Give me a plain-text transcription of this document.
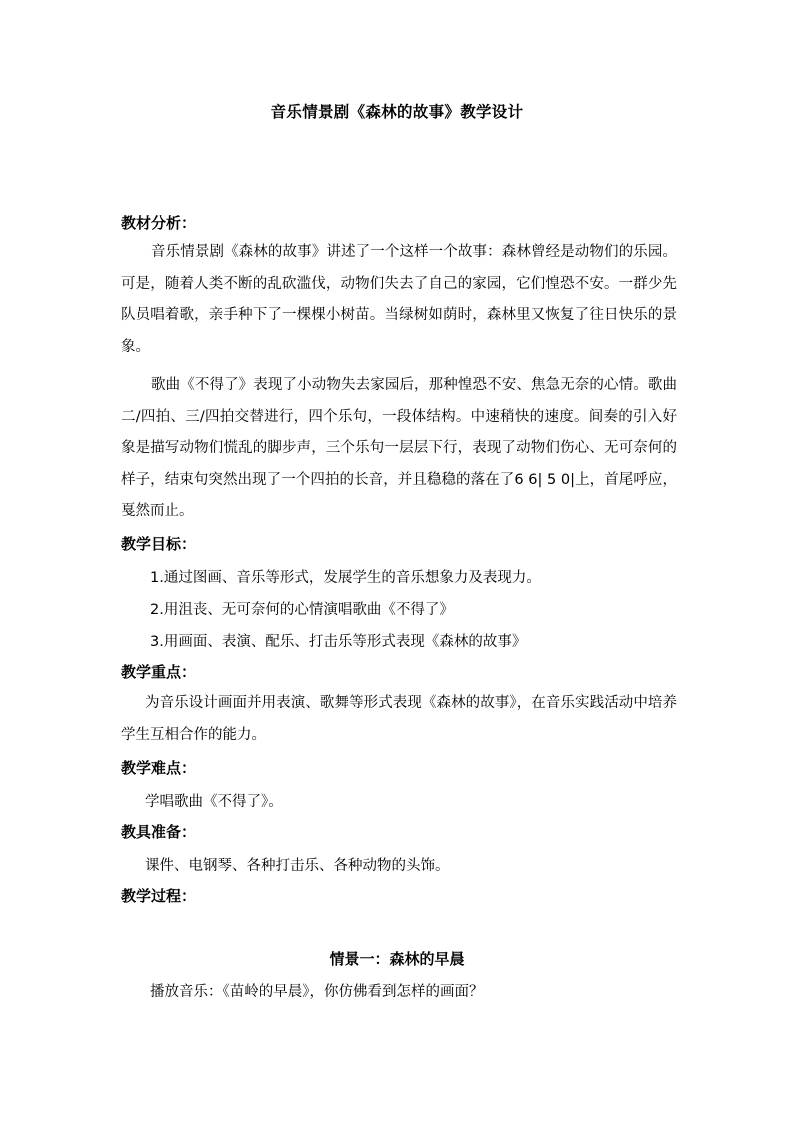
音乐情景剧《森林的故事》教学设计
教材分析：
音乐情景剧《森林的故事》讲述了一个这样一个故事：森林曾经是动物们的乐园。可是，随着人类不断的乱砍滥伐，动物们失去了自己的家园，它们惶恐不安。一群少先队员唱着歌，亲手种下了一棵棵小树苗。当绿树如荫时，森林里又恢复了往日快乐的景象。
歌曲《不得了》表现了小动物失去家园后，那种惶恐不安、焦急无奈的心情。歌曲二/四拍、三/四拍交替进行，四个乐句，一段体结构。中速稍快的速度。间奏的引入好象是描写动物们慌乱的脚步声，三个乐句一层层下行，表现了动物们伤心、无可奈何的样子，结束句突然出现了一个四拍的长音，并且稳稳的落在了6 6| 5 0|上，首尾呼应，戛然而止。
教学目标：
1.通过图画、音乐等形式，发展学生的音乐想象力及表现力。
2.用沮丧、无可奈何的心情演唱歌曲《不得了》
3.用画面、表演、配乐、打击乐等形式表现《森林的故事》
教学重点：
为音乐设计画面并用表演、歌舞等形式表现《森林的故事》，在音乐实践活动中培养学生互相合作的能力。
教学难点：
学唱歌曲《不得了》。
教具准备：
课件、电钢琴、各种打击乐、各种动物的头饰。
教学过程：
情景一：森林的早晨
播放音乐：《苗岭的早晨》，你仿佛看到怎样的画面？
